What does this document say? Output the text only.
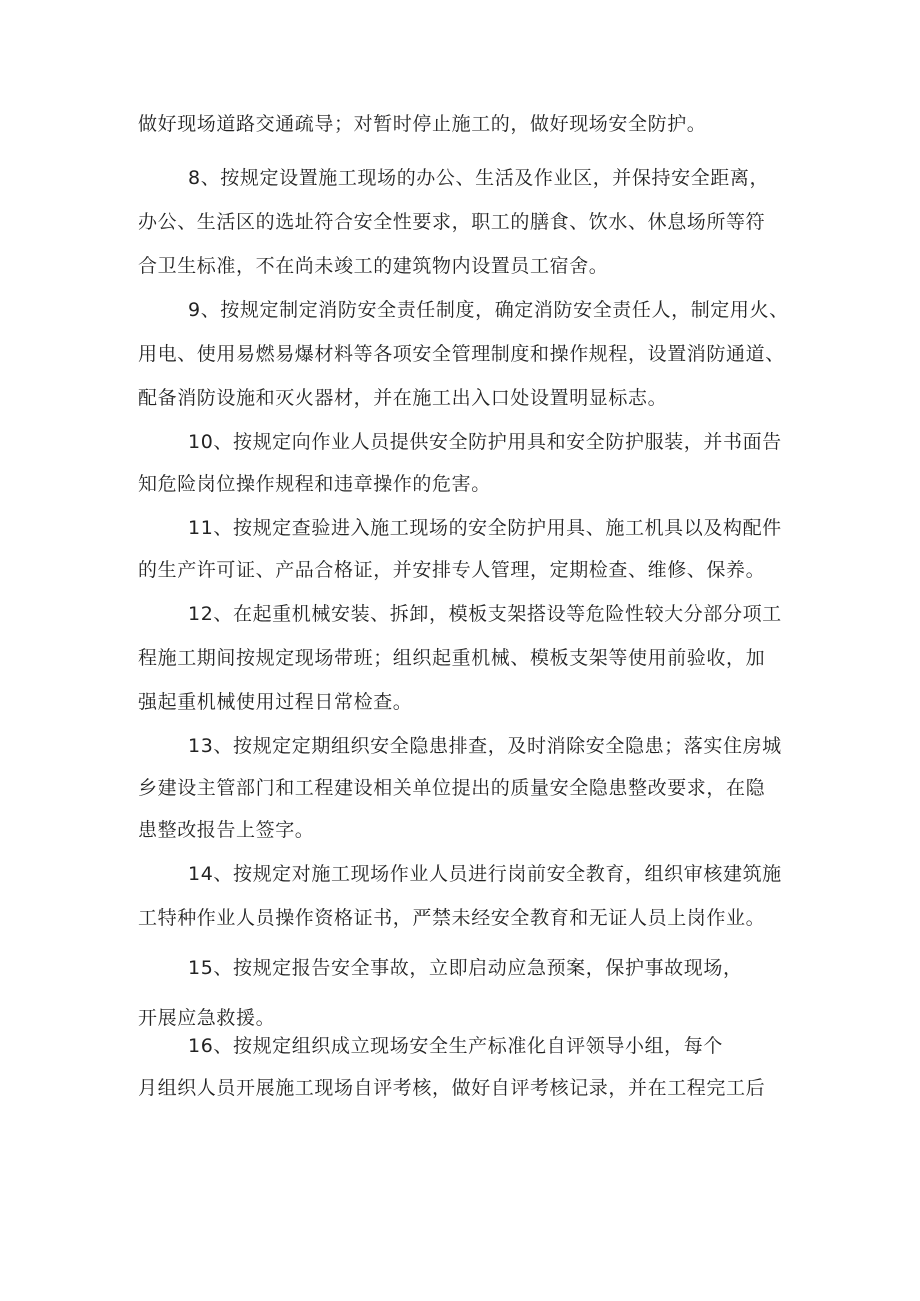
做好现场道路交通疏导；对暂时停止施工的，做好现场安全防护。
8、按规定设置施工现场的办公、生活及作业区，并保持安全距离，
办公、生活区的选址符合安全性要求，职工的膳食、饮水、休息场所等符
合卫生标准，不在尚未竣工的建筑物内设置员工宿舍。
9、按规定制定消防安全责任制度，确定消防安全责任人，制定用火、
用电、使用易燃易爆材料等各项安全管理制度和操作规程，设置消防通道、
配备消防设施和灭火器材，并在施工出入口处设置明显标志。
10、按规定向作业人员提供安全防护用具和安全防护服装，并书面告
知危险岗位操作规程和违章操作的危害。
11、按规定查验进入施工现场的安全防护用具、施工机具以及构配件
的生产许可证、产品合格证，并安排专人管理，定期检查、维修、保养。
12、在起重机械安装、拆卸，模板支架搭设等危险性较大分部分项工
程施工期间按规定现场带班；组织起重机械、模板支架等使用前验收，加
强起重机械使用过程日常检查。
13、按规定定期组织安全隐患排查，及时消除安全隐患；落实住房城
乡建设主管部门和工程建设相关单位提出的质量安全隐患整改要求，在隐
患整改报告上签字。
14、按规定对施工现场作业人员进行岗前安全教育，组织审核建筑施
工特种作业人员操作资格证书，严禁未经安全教育和无证人员上岗作业。
15、按规定报告安全事故，立即启动应急预案，保护事故现场，
开展应急救援。
16、按规定组织成立现场安全生产标准化自评领导小组，每个
月组织人员开展施工现场自评考核，做好自评考核记录，并在工程完工后
